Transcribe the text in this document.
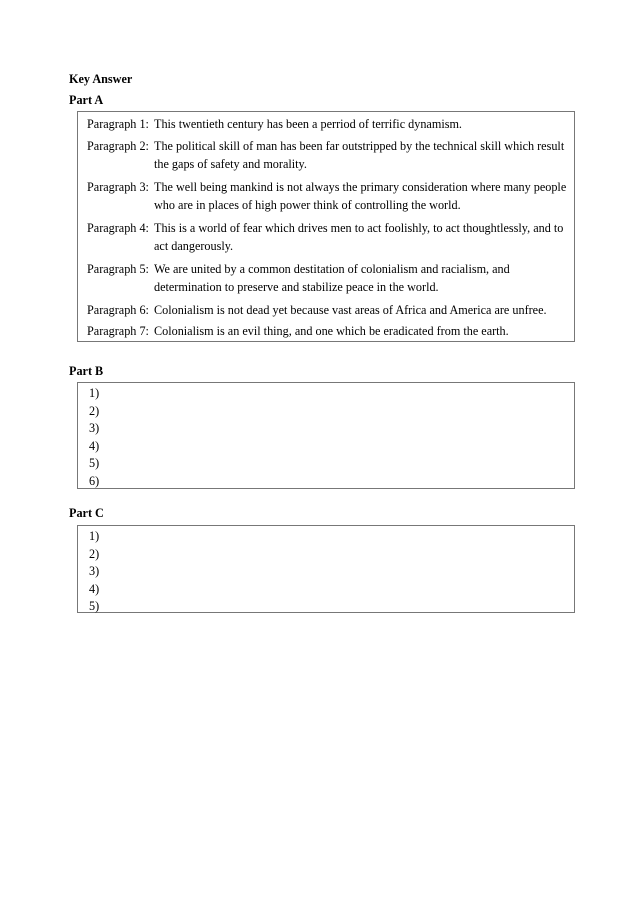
Key Answer
Part A
Paragraph 1: This twentieth century has been a perriod of terrific dynamism.
Paragraph 2: The political skill of man has been far outstripped by the technical skill which result the gaps of safety and morality.
Paragraph 3: The well being mankind is not always the primary consideration where many people who are in places of high power think of controlling the world.
Paragraph 4: This is a world of fear which drives men to act foolishly, to act thoughtlessly, and to act dangerously.
Paragraph 5: We are united by a common destitation of colonialism and racialism, and determination to preserve and stabilize peace in the world.
Paragraph 6: Colonialism is not dead yet because vast areas of Africa and America are unfree.
Paragraph 7: Colonialism is an evil thing, and one which be eradicated from the earth.
Part B
1)
2)
3)
4)
5)
6)
Part C
1)
2)
3)
4)
5)
